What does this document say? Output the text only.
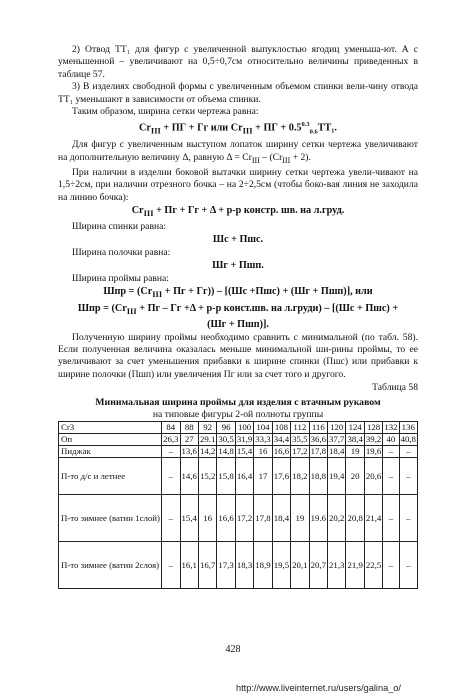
2) Отвод ТТ₁ для фигур с увеличенной выпуклостью ягодиц уменьша-ют. А с уменьшенной – увеличивают на 0,5÷0,7см относительно величины приведенных в таблице 57.

3) В изделиях свободной формы с увеличенным объемом спинки вели-чину отвода ТТ₁ уменьшают в зависимости от объема спинки.

Таким образом, ширина сетки чертежа равна:

$Cr_{III}$ + ПГ + Гг или $Cr_{III}$ + ПГ + $0.5^{0.3}_{0.6}ТТ_1$.

Для фигур с увеличенным выступом лопаток ширину сетки чертежа увеличивают на дополнительную величину Δ, равную $\Delta = Cr_{III} - (Cr_{III} + 2)$.

При наличии в изделии боковой вытачки ширину сетки чертежа увели-чивают на 1,5÷2см, при наличии отрезного бочка – на 2÷2,5см (чтобы боко-вая линия не заходила на линию бочка):

$Cr_{III}$ + Пг + Гг + Δ + р-р констр. шв. на л.груд.

Ширина спинки равна:

Шс + Пшс.

Ширина полочки равна:

Шг + Пшп.

Ширина проймы равна:

Шпр = ($Cr_{III}$ + Пг + Гг)) – [(Шс +Пшс) + (Шг + Пшп)], или

Шпр = ($Cr_{III}$ + Пг – Гг +Δ + р-р конст.шв. на л.груди) – [(Шс + Пшс) +

(Шг + Пшп)].

Полученную ширину проймы необходимо сравнить с минимальной (по табл. 58). Если полученная величина оказалась меньше минимальной ши-рины проймы, то ее увеличивают за счет уменьшения прибавки к ширине спинки (Пшс) или прибавки к ширине полочки (Пшп) или увеличения Пг или за счет того и другого.

Таблица 58

Минимальная ширина проймы для изделия с втачным рукавом
на типовые фигуры 2-ой полноты группы
Cr3	84	88	92	96	100	104	108	112	116	120	124	128	132	136
Оп	26,3	27	29.1	30,5	31,9	33,3	34,4	35,5	36,6	37,7	38,4	39,2	40	40,8
Пиджак	–	13,6	14,2	14,8	15,4	16	16,6	17,2	17,8	18,4	19	19,6	–	–
П-то д/с и летнее	–	14,6	15,2	15,8	16,4	17	17,6	18,2	18,8	19,4	20	20,6	–	–
П-то зимнее (ватин 1слой)	–	15,4	16	16,6	17,2	17,8	18,4	19	19.6	20,2	20,8	21,4	–	–
П-то зимнее (ватин 2слоя)	–	16,1	16,7	17,3	18,3	18,9	19,5	20,1	20,7	21,3	21,9	22,5	–	–
428
http://www.liveinternet.ru/users/galina_o/
